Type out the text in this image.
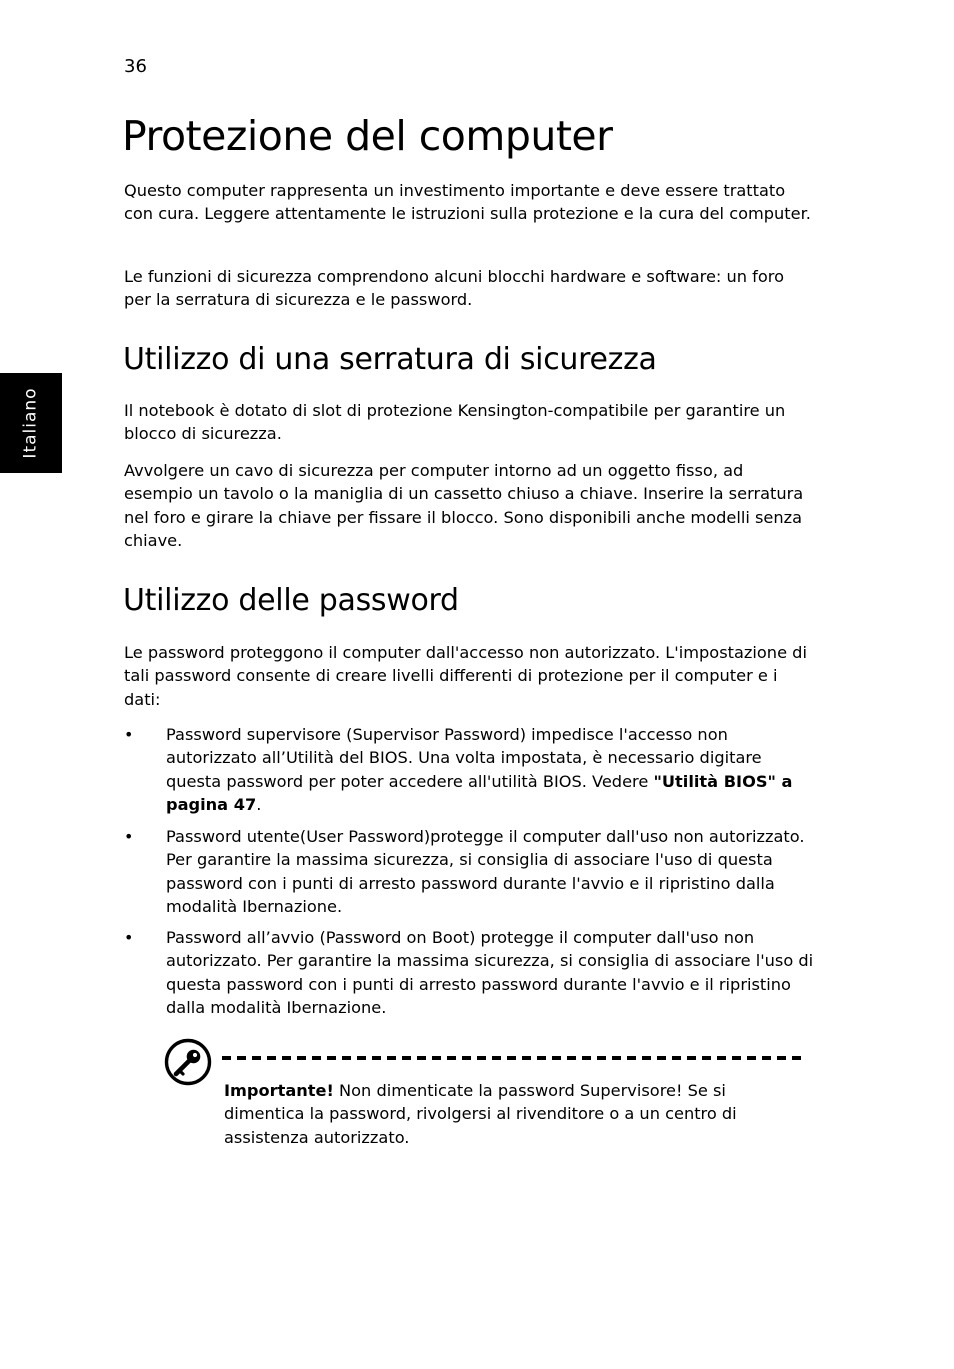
36
Italiano
Protezione del computer

Questo computer rappresenta un investimento importante e deve essere trattato con cura. Leggere attentamente le istruzioni sulla protezione e la cura del computer.

Le funzioni di sicurezza comprendono alcuni blocchi hardware e software: un foro per la serratura di sicurezza e le password.

Utilizzo di una serratura di sicurezza

Il notebook è dotato di slot di protezione Kensington-compatibile per garantire un blocco di sicurezza.

Avvolgere un cavo di sicurezza per computer intorno ad un oggetto fisso, ad esempio un tavolo o la maniglia di un cassetto chiuso a chiave. Inserire la serratura nel foro e girare la chiave per fissare il blocco. Sono disponibili anche modelli senza chiave.

Utilizzo delle password

Le password proteggono il computer dall'accesso non autorizzato. L'impostazione di tali password consente di creare livelli differenti di protezione per il computer e i dati:

• Password supervisore (Supervisor Password) impedisce l'accesso non autorizzato all’Utilità del BIOS. Una volta impostata, è necessario digitare questa password per poter accedere all'utilità BIOS. Vedere "Utilità BIOS" a pagina 47.

• Password utente(User Password)protegge il computer dall'uso non autorizzato. Per garantire la massima sicurezza, si consiglia di associare l'uso di questa password con i punti di arresto password durante l'avvio e il ripristino dalla modalità Ibernazione.

• Password all’avvio (Password on Boot) protegge il computer dall'uso non autorizzato. Per garantire la massima sicurezza, si consiglia di associare l'uso di questa password con i punti di arresto password durante l'avvio e il ripristino dalla modalità Ibernazione.

Importante! Non dimenticate la password Supervisore! Se si dimentica la password, rivolgersi al rivenditore o a un centro di assistenza autorizzato.
